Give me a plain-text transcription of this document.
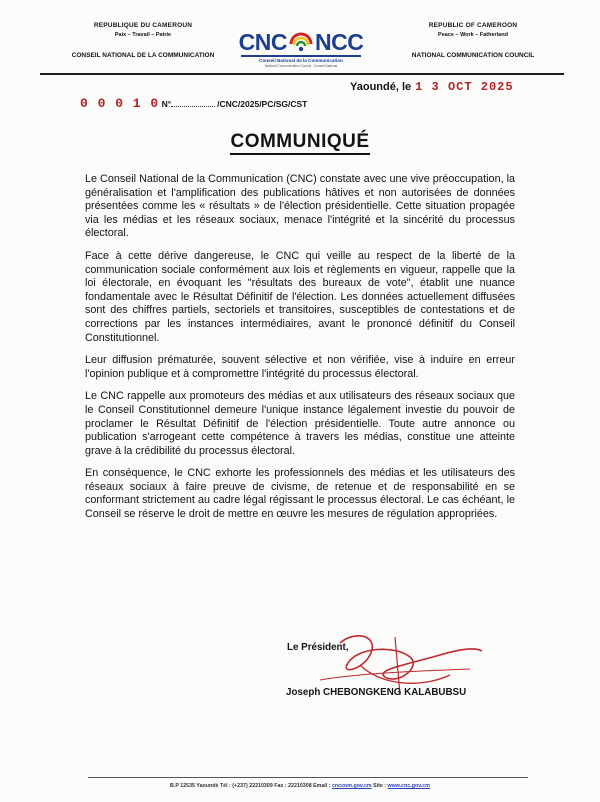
REPUBLIQUE DU CAMEROUN
Paix – Travail – Patrie
CONSEIL NATIONAL DE LA COMMUNICATION
CNC NCC
Conseil National de la Communication
National Communication Council · Conseil National
REPUBLIC OF CAMEROON
Peace – Work – Fatherland
NATIONAL COMMUNICATION COUNCIL
Yaoundé, le 1 3 OCT 2025
0 0 0 1 0 N°	/CNC/2025/PC/SG/CST
COMMUNIQUÉ

Le Conseil National de la Communication (CNC) constate avec une vive préoccupation, la généralisation et l'amplification des publications hâtives et non autorisées de données présentées comme les « résultats » de l'élection présidentielle. Cette situation propagée via les médias et les réseaux sociaux, menace l'intégrité et la sincérité du processus électoral.

Face à cette dérive dangereuse, le CNC qui veille au respect de la liberté de la communication sociale conformément aux lois et règlements en vigueur, rappelle que la loi électorale, en évoquant les "résultats des bureaux de vote", établit une nuance fondamentale avec le Résultat Définitif de l'élection. Les données actuellement diffusées sont des chiffres partiels, sectoriels et transitoires, susceptibles de contestations et de corrections par les instances intermédiaires, avant le prononcé définitif du Conseil Constitutionnel.

Leur diffusion prématurée, souvent sélective et non vérifiée, vise à induire en erreur l'opinion publique et à compromettre l'intégrité du processus électoral.

Le CNC rappelle aux promoteurs des médias et aux utilisateurs des réseaux sociaux que le Conseil Constitutionnel demeure l'unique instance légalement investie du pouvoir de proclamer le Résultat Définitif de l'élection présidentielle. Toute autre annonce ou publication s'arrogeant cette compétence à travers les médias, constitue une atteinte grave à la crédibilité du processus électoral.

En conséquence, le CNC exhorte les professionnels des médias et les utilisateurs des réseaux sociaux à faire preuve de civisme, de retenue et de responsabilité en se conformant strictement au cadre légal régissant le processus électoral. Le cas échéant, le Conseil se réserve le droit de mettre en œuvre les mesures de régulation appropriées.

Le Président,
Joseph CHEBONGKENG KALABUBSU
B.P 12535 Yaoundé Tél : (+237) 22210309 Fax : 22210308 Email : cnccom.gov.cm Site : www.cnc.gov.cm
